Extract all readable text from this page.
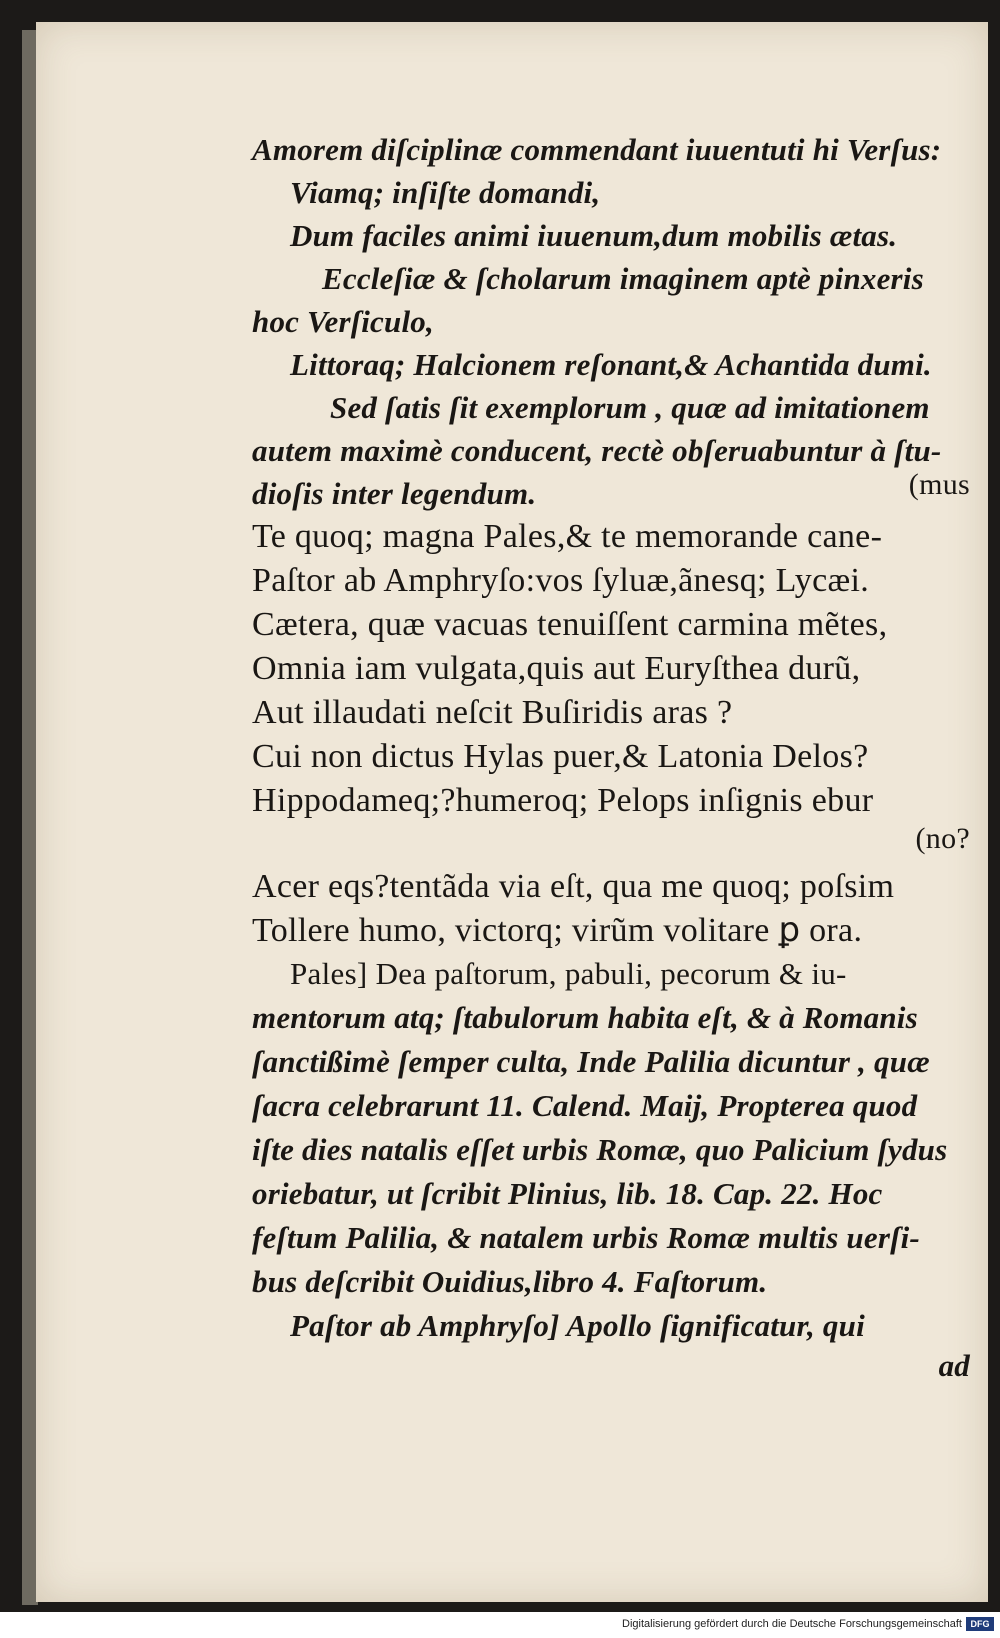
Amorem diſciplinæ commendant iuuentuti hi Verſus:
Viamq; inſiſte domandi,
Dum faciles animi iuuenum,dum mobilis ætas.
Eccleſiæ & ſcholarum imaginem aptè pinxeris
hoc Verſiculo,
Littoraq; Halcionem reſonant,& Achantida dumi.
Sed ſatis ſit exemplorum , quæ ad imitationem
autem maximè conducent, rectè obſeruabuntur à ſtu-
dioſis inter legendum.	(mus
Te quoq; magna Pales,& te memorande cane-
Paſtor ab Amphryſo:vos ſyluæ,ãnesq; Lycæi.
Cætera, quæ vacuas tenuiſſent carmina mẽtes,
Omnia iam vulgata,quis aut Euryſthea durũ,
Aut illaudati neſcit Buſiridis aras ?
Cui non dictus Hylas puer,& Latonia Delos?
Hippodameq;?humeroq; Pelops inſignis ebur
(no?
Acer eqs?tentãda via eſt, qua me quoq; poſsim
Tollere humo, victorq; virũm volitare ꝑ ora.
Pales] Dea paſtorum, pabuli, pecorum & iu-
mentorum atq; ſtabulorum habita eſt, & à Romanis
ſanctißimè ſemper culta, Inde Palilia dicuntur , quæ
ſacra celebrarunt 11. Calend. Maij, Propterea quod
iſte dies natalis eſſet urbis Romæ, quo Palicium ſydus
oriebatur, ut ſcribit Plinius, lib. 18. Cap. 22. Hoc
feſtum Palilia, & natalem urbis Romæ multis uerſi-
bus deſcribit Ouidius,libro 4. Faſtorum.
Paſtor ab Amphryſo] Apollo ſignificatur, qui
ad
Digitalisierung gefördert durch die Deutsche Forschungsgemeinschaft DFG
